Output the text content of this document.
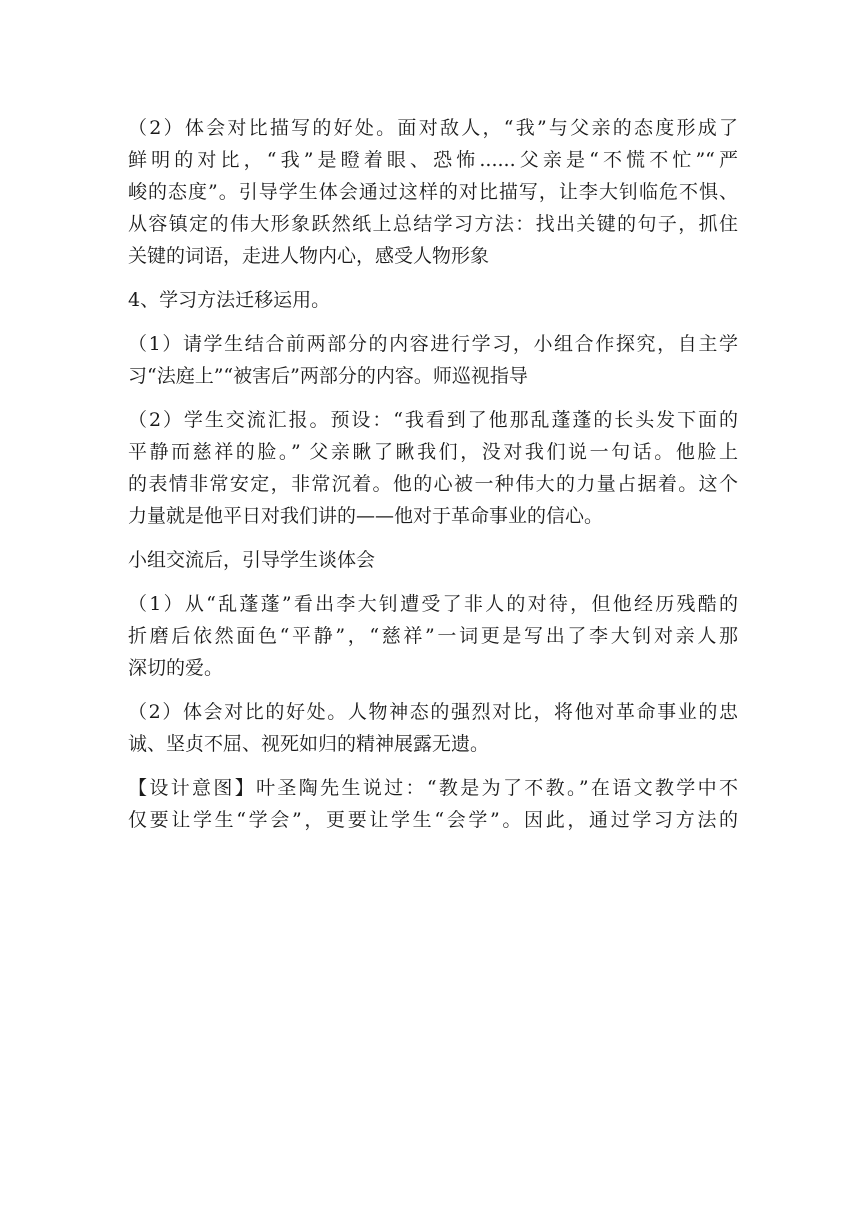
（2）体会对比描写的好处。面对敌人，“我”与父亲的态度形成了
鲜明的对比，“我”是瞪着眼、恐怖......父亲是“不慌不忙”“严
峻的态度”。引导学生体会通过这样的对比描写，让李大钊临危不惧、
从容镇定的伟大形象跃然纸上总结学习方法：找出关键的句子，抓住
关键的词语，走进人物内心，感受人物形象

4、学习方法迁移运用。

（1）请学生结合前两部分的内容进行学习，小组合作探究，自主学
习“法庭上”“被害后”两部分的内容。师巡视指导

（2）学生交流汇报。预设：“我看到了他那乱蓬蓬的长头发下面的
平静而慈祥的脸。” 父亲瞅了瞅我们，没对我们说一句话。他脸上
的表情非常安定，非常沉着。他的心被一种伟大的力量占据着。这个
力量就是他平日对我们讲的——他对于革命事业的信心。

小组交流后，引导学生谈体会

（1）从“乱蓬蓬”看出李大钊遭受了非人的对待，但他经历残酷的
折磨后依然面色“平静”，“慈祥”一词更是写出了李大钊对亲人那
深切的爱。

（2）体会对比的好处。人物神态的强烈对比，将他对革命事业的忠
诚、坚贞不屈、视死如归的精神展露无遗。

【设计意图】叶圣陶先生说过：“教是为了不教。”在语文教学中不
仅要让学生“学会”，更要让学生“会学”。因此，通过学习方法的
